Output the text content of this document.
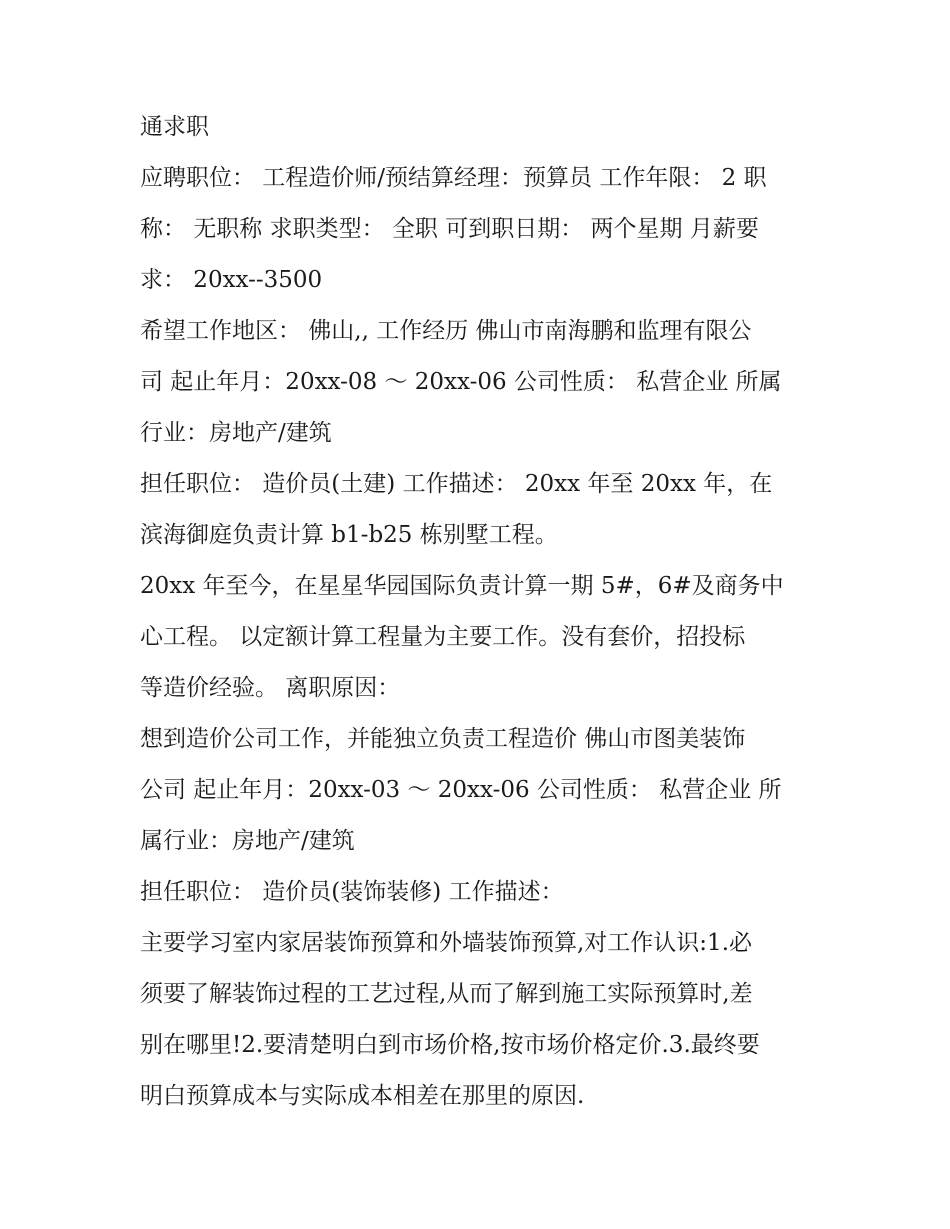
通求职

应聘职位： 工程造价师/预结算经理：预算员 工作年限： 2 职

称： 无职称 求职类型： 全职 可到职日期： 两个星期 月薪要

求： 20xx--3500

希望工作地区： 佛山,, 工作经历 佛山市南海鹏和监理有限公

司 起止年月：20xx-08 ～ 20xx-06 公司性质： 私营企业 所属

行业：房地产/建筑

担任职位： 造价员(土建) 工作描述： 20xx 年至 20xx 年，在

滨海御庭负责计算 b1-b25 栋别墅工程。

20xx 年至今，在星星华园国际负责计算一期 5#，6#及商务中

心工程。 以定额计算工程量为主要工作。没有套价，招投标

等造价经验。 离职原因：

想到造价公司工作，并能独立负责工程造价 佛山市图美装饰

公司 起止年月：20xx-03 ～ 20xx-06 公司性质： 私营企业 所

属行业：房地产/建筑

担任职位： 造价员(装饰装修) 工作描述：

主要学习室内家居装饰预算和外墙装饰预算,对工作认识:1.必

须要了解装饰过程的工艺过程,从而了解到施工实际预算时,差

别在哪里!2.要清楚明白到市场价格,按市场价格定价.3.最终要

明白预算成本与实际成本相差在那里的原因.
